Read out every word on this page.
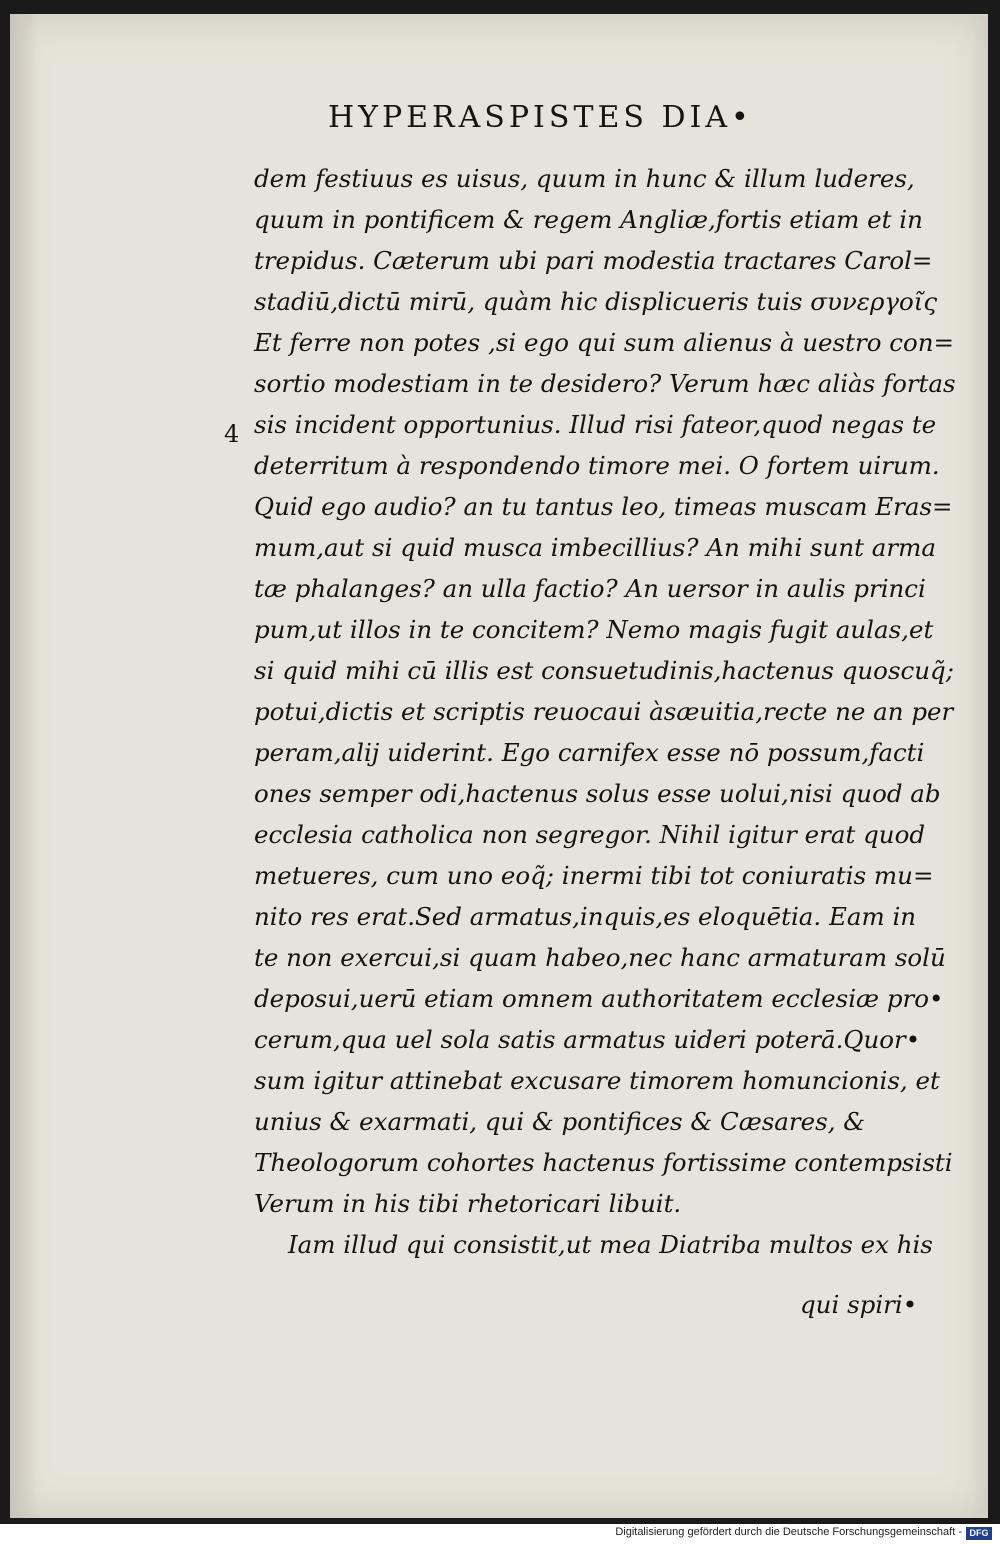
HYPERASPISTES DIA•
4
dem festiuus es uisus, quum in hunc & illum luderes,
quum in pontificem & regem Angliæ,fortis etiam et in
trepidus. Cæterum ubi pari modestia tractares Carol=
stadiū,dictū mirū, quàm hic displicueris tuis συνεργοῖς
Et ferre non potes ,si ego qui sum alienus à uestro con=
sortio modestiam in te desidero? Verum hæc aliàs fortas
sis incident opportunius. Illud risi fateor,quod negas te
deterritum à respondendo timore mei. O fortem uirum.
Quid ego audio? an tu tantus leo, timeas muscam Eras=
mum,aut si quid musca imbecillius? An mihi sunt arma
tæ phalanges? an ulla factio? An uersor in aulis princi
pum,ut illos in te concitem? Nemo magis fugit aulas,et
si quid mihi cū illis est consuetudinis,hactenus quoscuq̃;
potui,dictis et scriptis reuocaui àsæuitia,recte ne an per
peram,alij uiderint. Ego carnifex esse nō possum,facti
ones semper odi,hactenus solus esse uolui,nisi quod ab
ecclesia catholica non segregor. Nihil igitur erat quod
metueres, cum uno eoq̃; inermi tibi tot coniuratis mu=
nito res erat.Sed armatus,inquis,es eloquētia. Eam in
te non exercui,si quam habeo,nec hanc armaturam solū
deposui,uerū etiam omnem authoritatem ecclesiæ pro•
cerum,qua uel sola satis armatus uideri poterā.Quor•
sum igitur attinebat excusare timorem homuncionis, et
unius & exarmati, qui & pontifices & Cæsares, &
Theologorum cohortes hactenus fortissime contempsisti
Verum in his tibi rhetoricari libuit.
Iam illud qui consistit,ut mea Diatriba multos ex his
qui spiri•
Digitalisierung gefördert durch die Deutsche Forschungsgemeinschaft - DFG
